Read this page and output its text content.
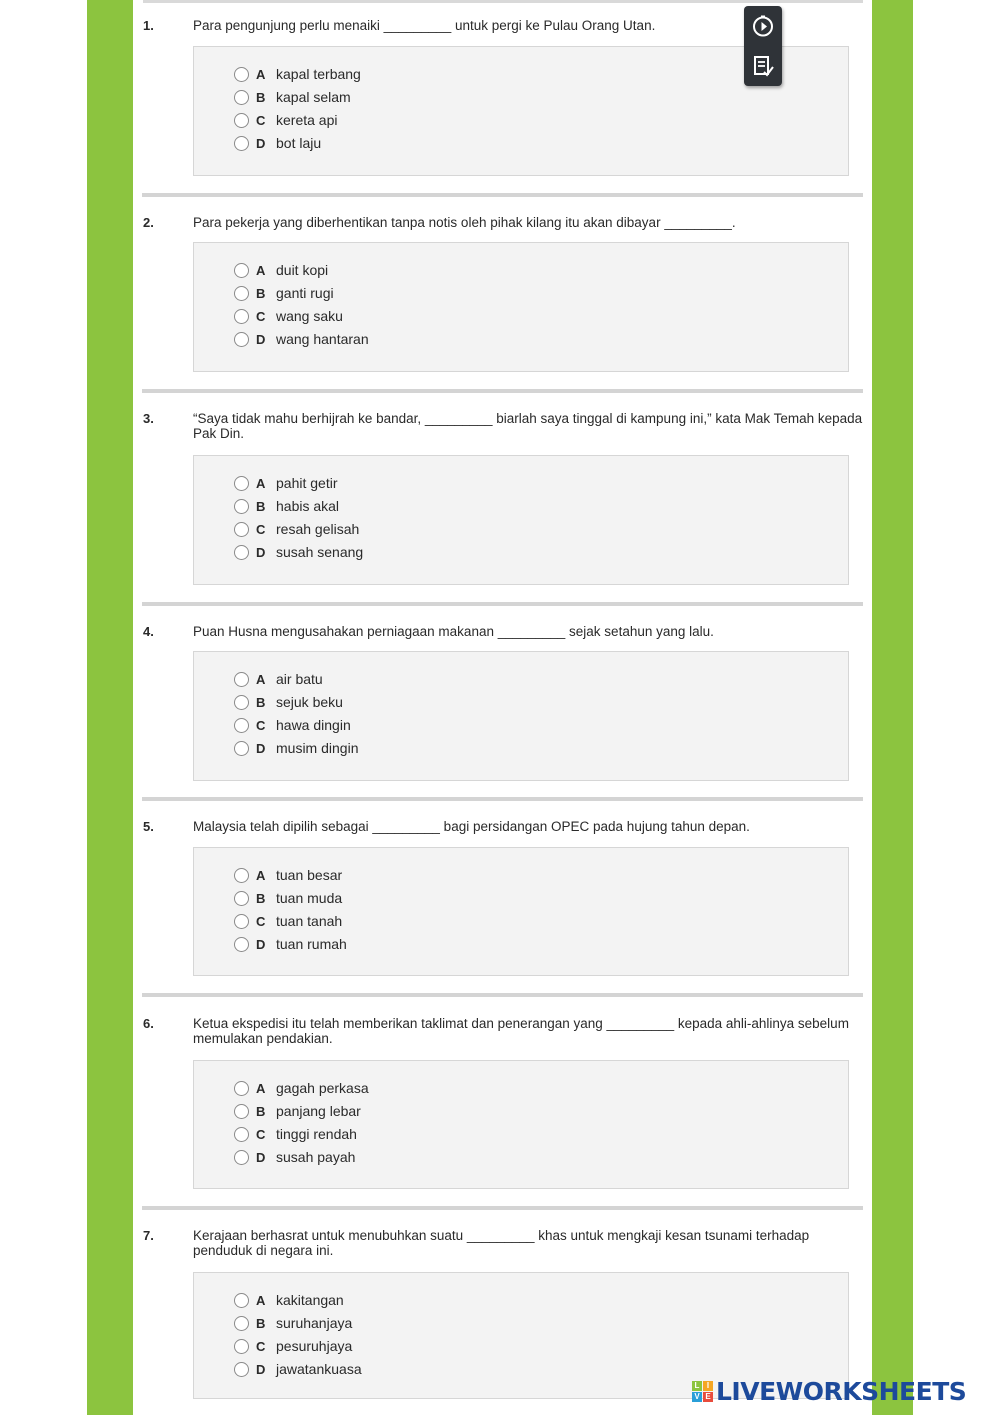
1.	Para pengunjung perlu menaiki _________ untuk pergi ke Pulau Orang Utan.
A kapal terbang
B kapal selam
C kereta api
D bot laju
2.	Para pekerja yang diberhentikan tanpa notis oleh pihak kilang itu akan dibayar _________.
A duit kopi
B ganti rugi
C wang saku
D wang hantaran
3.	“Saya tidak mahu berhijrah ke bandar, _________ biarlah saya tinggal di kampung ini,” kata Mak Temah kepada Pak Din.
A pahit getir
B habis akal
C resah gelisah
D susah senang
4.	Puan Husna mengusahakan perniagaan makanan _________ sejak setahun yang lalu.
A air batu
B sejuk beku
C hawa dingin
D musim dingin
5.	Malaysia telah dipilih sebagai _________ bagi persidangan OPEC pada hujung tahun depan.
A tuan besar
B tuan muda
C tuan tanah
D tuan rumah
6.	Ketua ekspedisi itu telah memberikan taklimat dan penerangan yang _________ kepada ahli-ahlinya sebelum memulakan pendakian.
A gagah perkasa
B panjang lebar
C tinggi rendah
D susah payah
7.	Kerajaan berhasrat untuk menubuhkan suatu _________ khas untuk mengkaji kesan tsunami terhadap penduduk di negara ini.
A kakitangan
B suruhanjaya
C pesuruhjaya
D jawatankuasa
L I
V E LIVEWORKSHEETS
